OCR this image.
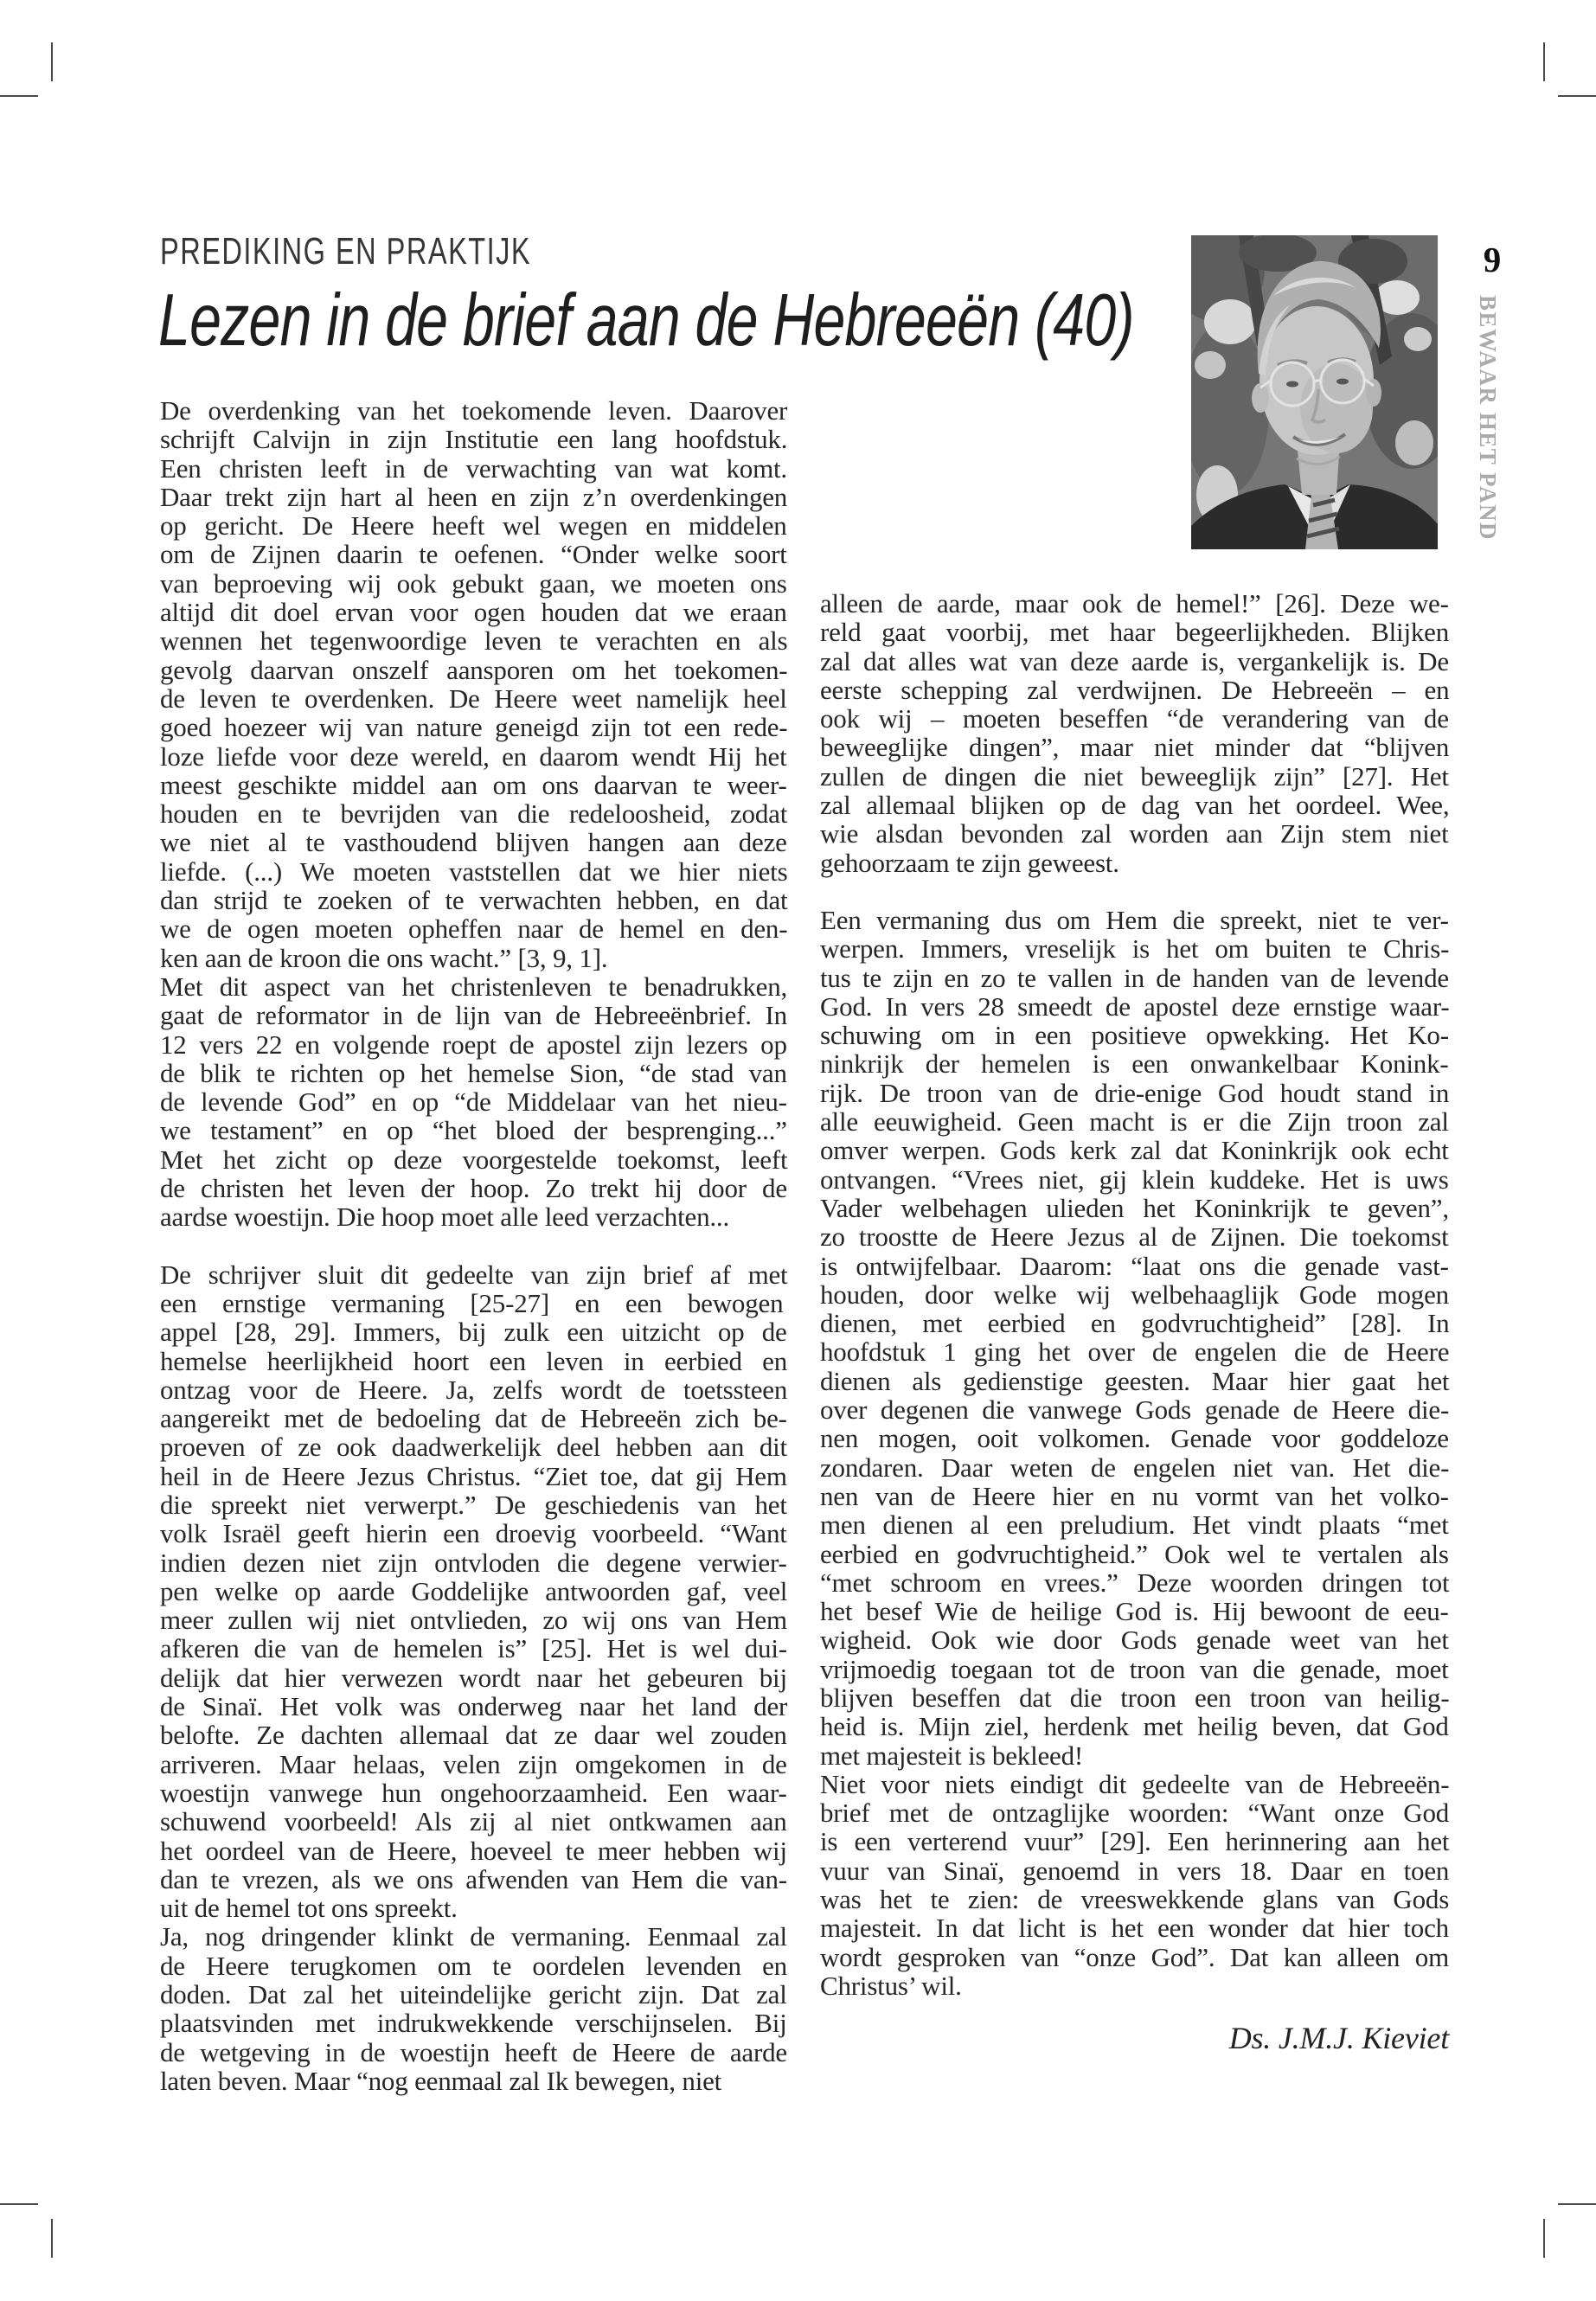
PREDIKING EN PRAKTIJK
Lezen in de brief aan de Hebreeën (40)
9
BEWAAR HET PAND
De overdenking van het toekomende leven. Daarover
schrijft Calvijn in zijn Institutie een lang hoofdstuk.
Een christen leeft in de verwachting van wat komt.
Daar trekt zijn hart al heen en zijn z’n overdenkingen
op gericht. De Heere heeft wel wegen en middelen
om de Zijnen daarin te oefenen. “Onder welke soort
van beproeving wij ook gebukt gaan, we moeten ons
altijd dit doel ervan voor ogen houden dat we eraan
wennen het tegenwoordige leven te verachten en als
gevolg daarvan onszelf aansporen om het toekomen-
de leven te overdenken. De Heere weet namelijk heel
goed hoezeer wij van nature geneigd zijn tot een rede-
loze liefde voor deze wereld, en daarom wendt Hij het
meest geschikte middel aan om ons daarvan te weer-
houden en te bevrijden van die redeloosheid, zodat
we niet al te vasthoudend blijven hangen aan deze
liefde. (...) We moeten vaststellen dat we hier niets
dan strijd te zoeken of te verwachten hebben, en dat
we de ogen moeten opheffen naar de hemel en den-
ken aan de kroon die ons wacht.” [3, 9, 1].
Met dit aspect van het christenleven te benadrukken,
gaat de reformator in de lijn van de Hebreeënbrief. In
12 vers 22 en volgende roept de apostel zijn lezers op
de blik te richten op het hemelse Sion, “de stad van
de levende God” en op “de Middelaar van het nieu-
we testament” en op “het bloed der besprenging...”
Met het zicht op deze voorgestelde toekomst, leeft
de christen het leven der hoop. Zo trekt hij door de
aardse woestijn. Die hoop moet alle leed verzachten...
De schrijver sluit dit gedeelte van zijn brief af met
een ernstige vermaning [25-27] en een bewogen
appel [28, 29]. Immers, bij zulk een uitzicht op de
hemelse heerlijkheid hoort een leven in eerbied en
ontzag voor de Heere. Ja, zelfs wordt de toetssteen
aangereikt met de bedoeling dat de Hebreeën zich be-
proeven of ze ook daadwerkelijk deel hebben aan dit
heil in de Heere Jezus Christus. “Ziet toe, dat gij Hem
die spreekt niet verwerpt.” De geschiedenis van het
volk Israël geeft hierin een droevig voorbeeld. “Want
indien dezen niet zijn ontvloden die degene verwier-
pen welke op aarde Goddelijke antwoorden gaf, veel
meer zullen wij niet ontvlieden, zo wij ons van Hem
afkeren die van de hemelen is” [25]. Het is wel dui-
delijk dat hier verwezen wordt naar het gebeuren bij
de Sinaï. Het volk was onderweg naar het land der
belofte. Ze dachten allemaal dat ze daar wel zouden
arriveren. Maar helaas, velen zijn omgekomen in de
woestijn vanwege hun ongehoorzaamheid. Een waar-
schuwend voorbeeld! Als zij al niet ontkwamen aan
het oordeel van de Heere, hoeveel te meer hebben wij
dan te vrezen, als we ons afwenden van Hem die van-
uit de hemel tot ons spreekt.
Ja, nog dringender klinkt de vermaning. Eenmaal zal
de Heere terugkomen om te oordelen levenden en
doden. Dat zal het uiteindelijke gericht zijn. Dat zal
plaatsvinden met indrukwekkende verschijnselen. Bij
de wetgeving in de woestijn heeft de Heere de aarde
laten beven. Maar “nog eenmaal zal Ik bewegen, niet
alleen de aarde, maar ook de hemel!” [26]. Deze we-
reld gaat voorbij, met haar begeerlijkheden. Blijken
zal dat alles wat van deze aarde is, vergankelijk is. De
eerste schepping zal verdwijnen. De Hebreeën – en
ook wij – moeten beseffen “de verandering van de
beweeglijke dingen”, maar niet minder dat “blijven
zullen de dingen die niet beweeglijk zijn” [27]. Het
zal allemaal blijken op de dag van het oordeel. Wee,
wie alsdan bevonden zal worden aan Zijn stem niet
gehoorzaam te zijn geweest.
Een vermaning dus om Hem die spreekt, niet te ver-
werpen. Immers, vreselijk is het om buiten te Chris-
tus te zijn en zo te vallen in de handen van de levende
God. In vers 28 smeedt de apostel deze ernstige waar-
schuwing om in een positieve opwekking. Het Ko-
ninkrijk der hemelen is een onwankelbaar Konink-
rijk. De troon van de drie-enige God houdt stand in
alle eeuwigheid. Geen macht is er die Zijn troon zal
omver werpen. Gods kerk zal dat Koninkrijk ook echt
ontvangen. “Vrees niet, gij klein kuddeke. Het is uws
Vader welbehagen ulieden het Koninkrijk te geven”,
zo troostte de Heere Jezus al de Zijnen. Die toekomst
is ontwijfelbaar. Daarom: “laat ons die genade vast-
houden, door welke wij welbehaaglijk Gode mogen
dienen, met eerbied en godvruchtigheid” [28]. In
hoofdstuk 1 ging het over de engelen die de Heere
dienen als gedienstige geesten. Maar hier gaat het
over degenen die vanwege Gods genade de Heere die-
nen mogen, ooit volkomen. Genade voor goddeloze
zondaren. Daar weten de engelen niet van. Het die-
nen van de Heere hier en nu vormt van het volko-
men dienen al een preludium. Het vindt plaats “met
eerbied en godvruchtigheid.” Ook wel te vertalen als
“met schroom en vrees.” Deze woorden dringen tot
het besef Wie de heilige God is. Hij bewoont de eeu-
wigheid. Ook wie door Gods genade weet van het
vrijmoedig toegaan tot de troon van die genade, moet
blijven beseffen dat die troon een troon van heilig-
heid is. Mijn ziel, herdenk met heilig beven, dat God
met majesteit is bekleed!
Niet voor niets eindigt dit gedeelte van de Hebreeën-
brief met de ontzaglijke woorden: “Want onze God
is een verterend vuur” [29]. Een herinnering aan het
vuur van Sinaï, genoemd in vers 18. Daar en toen
was het te zien: de vreeswekkende glans van Gods
majesteit. In dat licht is het een wonder dat hier toch
wordt gesproken van “onze God”. Dat kan alleen om
Christus’ wil.
Ds. J.M.J. Kieviet
